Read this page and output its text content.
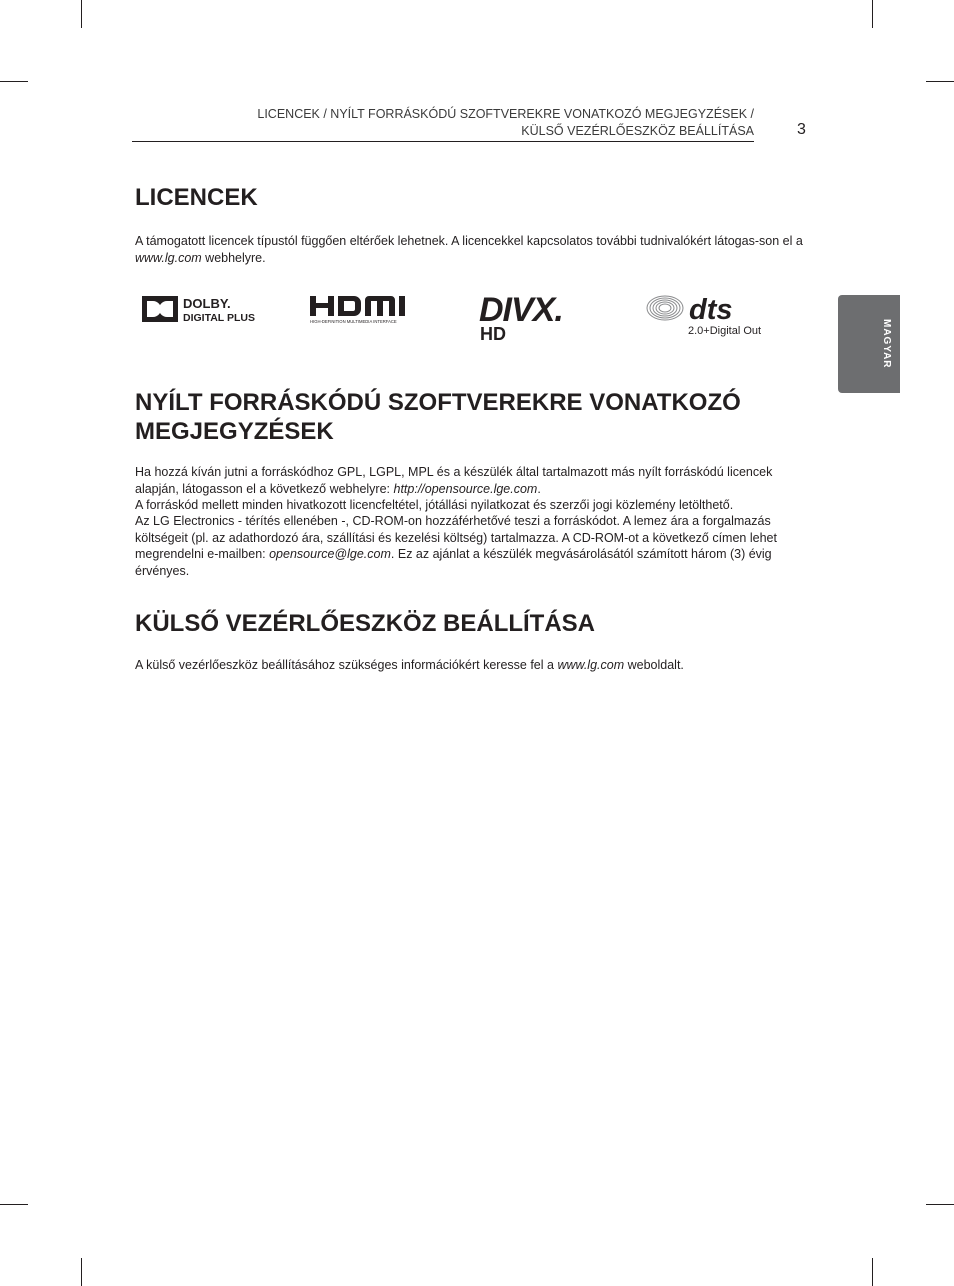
LICENCEK / NYÍLT FORRÁSKÓDÚ SZOFTVEREKRE VONATKOZÓ MEGJEGYZÉSEK /
KÜLSŐ VEZÉRLŐESZKÖZ BEÁLLÍTÁSA	3
MAGYAR
LICENCEK

A támogatott licencek típustól függően eltérőek lehetnek. A licencekkel kapcsolatos további tudnivalókért látogas-son el a www.lg.com webhelyre.

DOLBY.
DIGITAL PLUS	HIGH-DEFINITION MULTIMEDIA INTERFACE DIVX.
HD
dts
2.0+Digital Out
NYÍLT FORRÁSKÓDÚ SZOFTVEREKRE VONATKOZÓ
MEGJEGYZÉSEK

Ha hozzá kíván jutni a forráskódhoz GPL, LGPL, MPL és a készülék által tartalmazott más nyílt forráskódú licencek alapján, látogasson el a következő webhelyre: http://opensource.lge.com.

A forráskód mellett minden hivatkozott licencfeltétel, jótállási nyilatkozat és szerzői jogi közlemény letölthető.

Az LG Electronics - térítés ellenében -, CD-ROM-on hozzáférhetővé teszi a forráskódot. A lemez ára a forgalmazás költségeit (pl. az adathordozó ára, szállítási és kezelési költség) tartalmazza. A CD-ROM-ot a következő címen lehet megrendelni e-mailben: opensource@lge.com. Ez az ajánlat a készülék megvásárolásától számított három (3) évig érvényes.

KÜLSŐ VEZÉRLŐESZKÖZ BEÁLLÍTÁSA

A külső vezérlőeszköz beállításához szükséges információkért keresse fel a www.lg.com weboldalt.
